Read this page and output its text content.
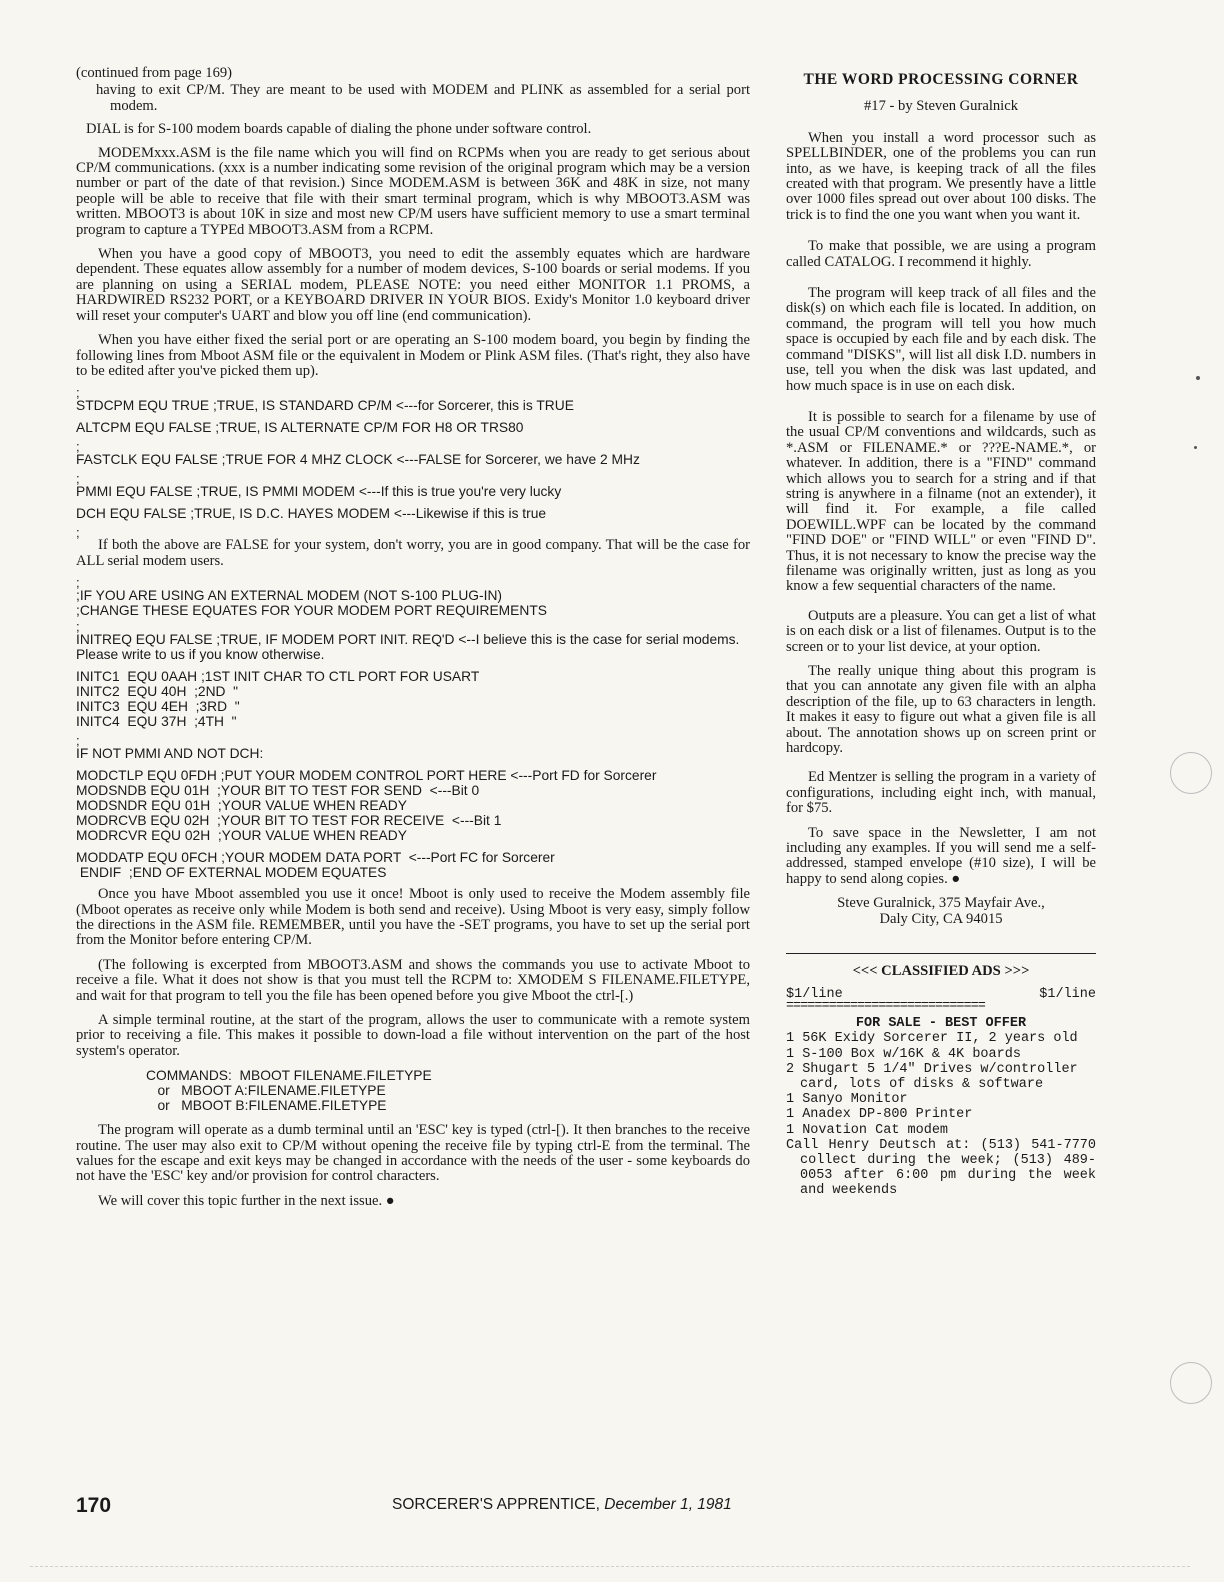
(continued from page 169)

having to exit CP/M. They are meant to be used with MODEM and PLINK as assembled for a serial port modem.

DIAL is for S-100 modem boards capable of dialing the phone under software control.

MODEMxxx.ASM is the file name which you will find on RCPMs when you are ready to get serious about CP/M communications. (xxx is a number indicating some revision of the original program which may be a version number or part of the date of that revision.) Since MODEM.ASM is between 36K and 48K in size, not many people will be able to receive that file with their smart terminal program, which is why MBOOT3.ASM was written. MBOOT3 is about 10K in size and most new CP/M users have sufficient memory to use a smart terminal program to capture a TYPEd MBOOT3.ASM from a RCPM.

When you have a good copy of MBOOT3, you need to edit the assembly equates which are hardware dependent. These equates allow assembly for a number of modem devices, S-100 boards or serial modems. If you are planning on using a SERIAL modem, PLEASE NOTE: you need either MONITOR 1.1 PROMS, a HARDWIRED RS232 PORT, or a KEYBOARD DRIVER IN YOUR BIOS. Exidy's Monitor 1.0 keyboard driver will reset your computer's UART and blow you off line (end communication).

When you have either fixed the serial port or are operating an S-100 modem board, you begin by finding the following lines from Mboot ASM file or the equivalent in Modem or Plink ASM files. (That's right, they also have to be edited after you've picked them up).

;
STDCPM EQU TRUE ;TRUE, IS STANDARD CP/M <---for Sorcerer, this is TRUE
ALTCPM EQU FALSE ;TRUE, IS ALTERNATE CP/M FOR H8 OR TRS80
;
FASTCLK EQU FALSE ;TRUE FOR 4 MHZ CLOCK <---FALSE for Sorcerer, we have 2 MHz
;
PMMI EQU FALSE ;TRUE, IS PMMI MODEM <---If this is true you're very lucky
DCH EQU FALSE ;TRUE, IS D.C. HAYES MODEM <---Likewise if this is true
;

If both the above are FALSE for your system, don't worry, you are in good company. That will be the case for ALL serial modem users.

;
;IF YOU ARE USING AN EXTERNAL MODEM (NOT S-100 PLUG-IN)
;CHANGE THESE EQUATES FOR YOUR MODEM PORT REQUIREMENTS
;
INITREQ EQU FALSE ;TRUE, IF MODEM PORT INIT. REQ'D <--I believe this is the case for serial modems. Please write to us if you know otherwise.
INITC1  EQU 0AAH ;1ST INIT CHAR TO CTL PORT FOR USART
INITC2  EQU 40H  ;2ND  "
INITC3  EQU 4EH  ;3RD  "
INITC4  EQU 37H  ;4TH  "
;
IF NOT PMMI AND NOT DCH:
MODCTLP EQU 0FDH ;PUT YOUR MODEM CONTROL PORT HERE <---Port FD for Sorcerer
MODSNDB EQU 01H  ;YOUR BIT TO TEST FOR SEND  <---Bit 0
MODSNDR EQU 01H  ;YOUR VALUE WHEN READY
MODRCVB EQU 02H  ;YOUR BIT TO TEST FOR RECEIVE  <---Bit 1
MODRCVR EQU 02H  ;YOUR VALUE WHEN READY
MODDATP EQU 0FCH ;YOUR MODEM DATA PORT  <---Port FC for Sorcerer
ENDIF  ;END OF EXTERNAL MODEM EQUATES

Once you have Mboot assembled you use it once! Mboot is only used to receive the Modem assembly file (Mboot operates as receive only while Modem is both send and receive). Using Mboot is very easy, simply follow the directions in the ASM file. REMEMBER, until you have the -SET programs, you have to set up the serial port from the Monitor before entering CP/M.

(The following is excerpted from MBOOT3.ASM and shows the commands you use to activate Mboot to receive a file. What it does not show is that you must tell the RCPM to: XMODEM S FILENAME.FILETYPE, and wait for that program to tell you the file has been opened before you give Mboot the ctrl-[.)

A simple terminal routine, at the start of the program, allows the user to communicate with a remote system prior to receiving a file. This makes it possible to down-load a file without intervention on the part of the host system's operator.

COMMANDS:  MBOOT FILENAME.FILETYPE
or   MBOOT A:FILENAME.FILETYPE
or   MBOOT B:FILENAME.FILETYPE

The program will operate as a dumb terminal until an 'ESC' key is typed (ctrl-[). It then branches to the receive routine. The user may also exit to CP/M without opening the receive file by typing ctrl-E from the terminal. The values for the escape and exit keys may be changed in accordance with the needs of the user - some keyboards do not have the 'ESC' key and/or provision for control characters.

We will cover this topic further in the next issue. ●

THE WORD PROCESSING CORNER
#17 - by Steven Guralnick

When you install a word processor such as SPELLBINDER, one of the problems you can run into, as we have, is keeping track of all the files created with that program. We presently have a little over 1000 files spread out over about 100 disks. The trick is to find the one you want when you want it.

To make that possible, we are using a program called CATALOG. I recommend it highly.

The program will keep track of all files and the disk(s) on which each file is located. In addition, on command, the program will tell you how much space is occupied by each file and by each disk. The command "DISKS", will list all disk I.D. numbers in use, tell you when the disk was last updated, and how much space is in use on each disk.

It is possible to search for a filename by use of the usual CP/M conventions and wildcards, such as *.ASM or FILENAME.* or ???E-NAME.*, or whatever. In addition, there is a "FIND" command which allows you to search for a string and if that string is anywhere in a filname (not an extender), it will find it. For example, a file called DOEWILL.WPF can be located by the command "FIND DOE" or "FIND WILL" or even "FIND D". Thus, it is not necessary to know the precise way the filename was originally written, just as long as you know a few sequential characters of the name.

Outputs are a pleasure. You can get a list of what is on each disk or a list of filenames. Output is to the screen or to your list device, at your option.

The really unique thing about this program is that you can annotate any given file with an alpha description of the file, up to 63 characters in length. It makes it easy to figure out what a given file is all about. The annotation shows up on screen print or hardcopy.

Ed Mentzer is selling the program in a variety of configurations, including eight inch, with manual, for $75.

To save space in the Newsletter, I am not including any examples. If you will send me a self-addressed, stamped envelope (#10 size), I will be happy to send along copies. ●

Steve Guralnick, 375 Mayfair Ave.,
Daly City, CA 94015
<<< CLASSIFIED ADS >>>
$1/line	$1/line
============================
FOR SALE - BEST OFFER
1 56K Exidy Sorcerer II, 2 years old
1 S-100 Box w/16K & 4K boards
2 Shugart 5 1/4" Drives w/controller card, lots of disks & software
1 Sanyo Monitor
1 Anadex DP-800 Printer
1 Novation Cat modem
Call Henry Deutsch at: (513) 541-7770 collect during the week; (513) 489-0053 after 6:00 pm during the week and weekends
170	SORCERER'S APPRENTICE, December 1, 1981
